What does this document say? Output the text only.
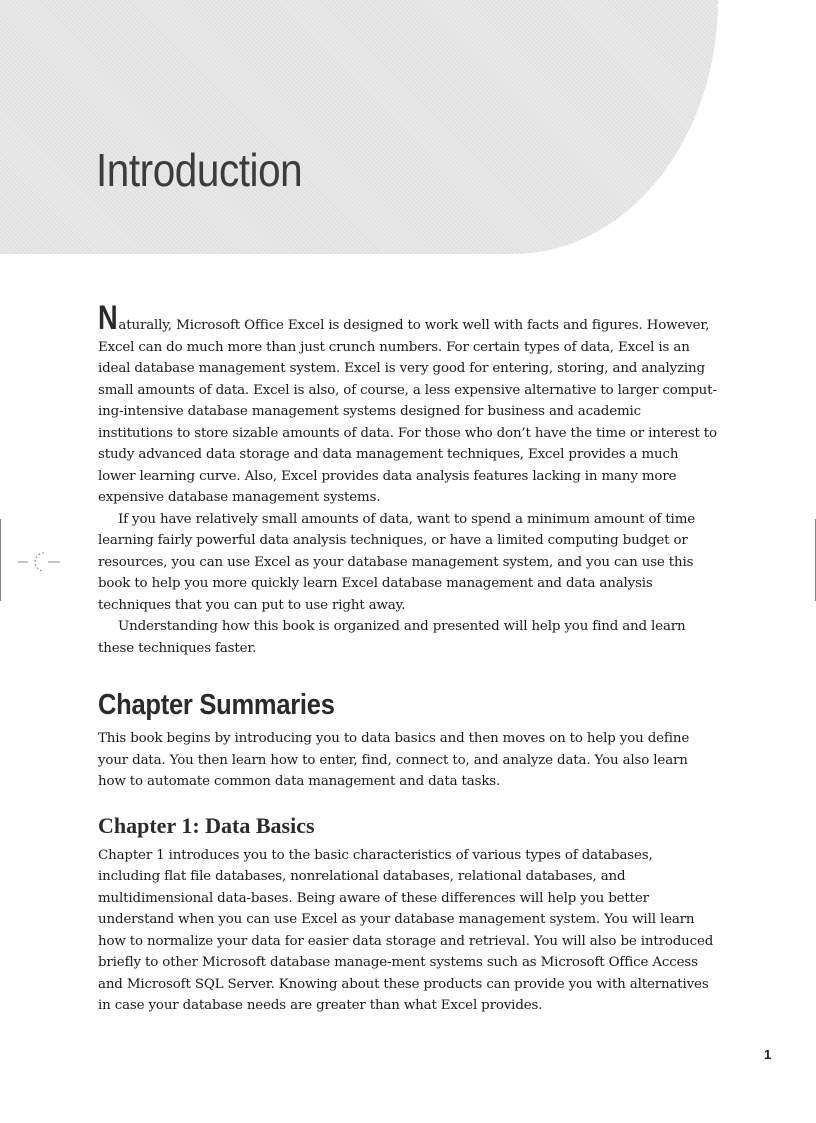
Introduction

Naturally, Microsoft Office Excel is designed to work well with facts and figures. However, Excel can do much more than just crunch numbers. For certain types of data, Excel is an ideal database management system. Excel is very good for entering, storing, and analyzing small amounts of data. Excel is also, of course, a less expensive alternative to larger comput-ing-intensive database management systems designed for business and academic institutions to store sizable amounts of data. For those who don’t have the time or interest to study advanced data storage and data management techniques, Excel provides a much lower learning curve. Also, Excel provides data analysis features lacking in many more expensive database management systems.

If you have relatively small amounts of data, want to spend a minimum amount of time learning fairly powerful data analysis techniques, or have a limited computing budget or resources, you can use Excel as your database management system, and you can use this book to help you more quickly learn Excel database management and data analysis techniques that you can put to use right away.

Understanding how this book is organized and presented will help you find and learn these techniques faster.

Chapter Summaries

This book begins by introducing you to data basics and then moves on to help you define your data. You then learn how to enter, find, connect to, and analyze data. You also learn how to automate common data management and data tasks.

Chapter 1: Data Basics

Chapter 1 introduces you to the basic characteristics of various types of databases, including flat file databases, nonrelational databases, relational databases, and multidimensional data-bases. Being aware of these differences will help you better understand when you can use Excel as your database management system. You will learn how to normalize your data for easier data storage and retrieval. You will also be introduced briefly to other Microsoft database manage-ment systems such as Microsoft Office Access and Microsoft SQL Server. Knowing about these products can provide you with alternatives in case your database needs are greater than what Excel provides.

1
